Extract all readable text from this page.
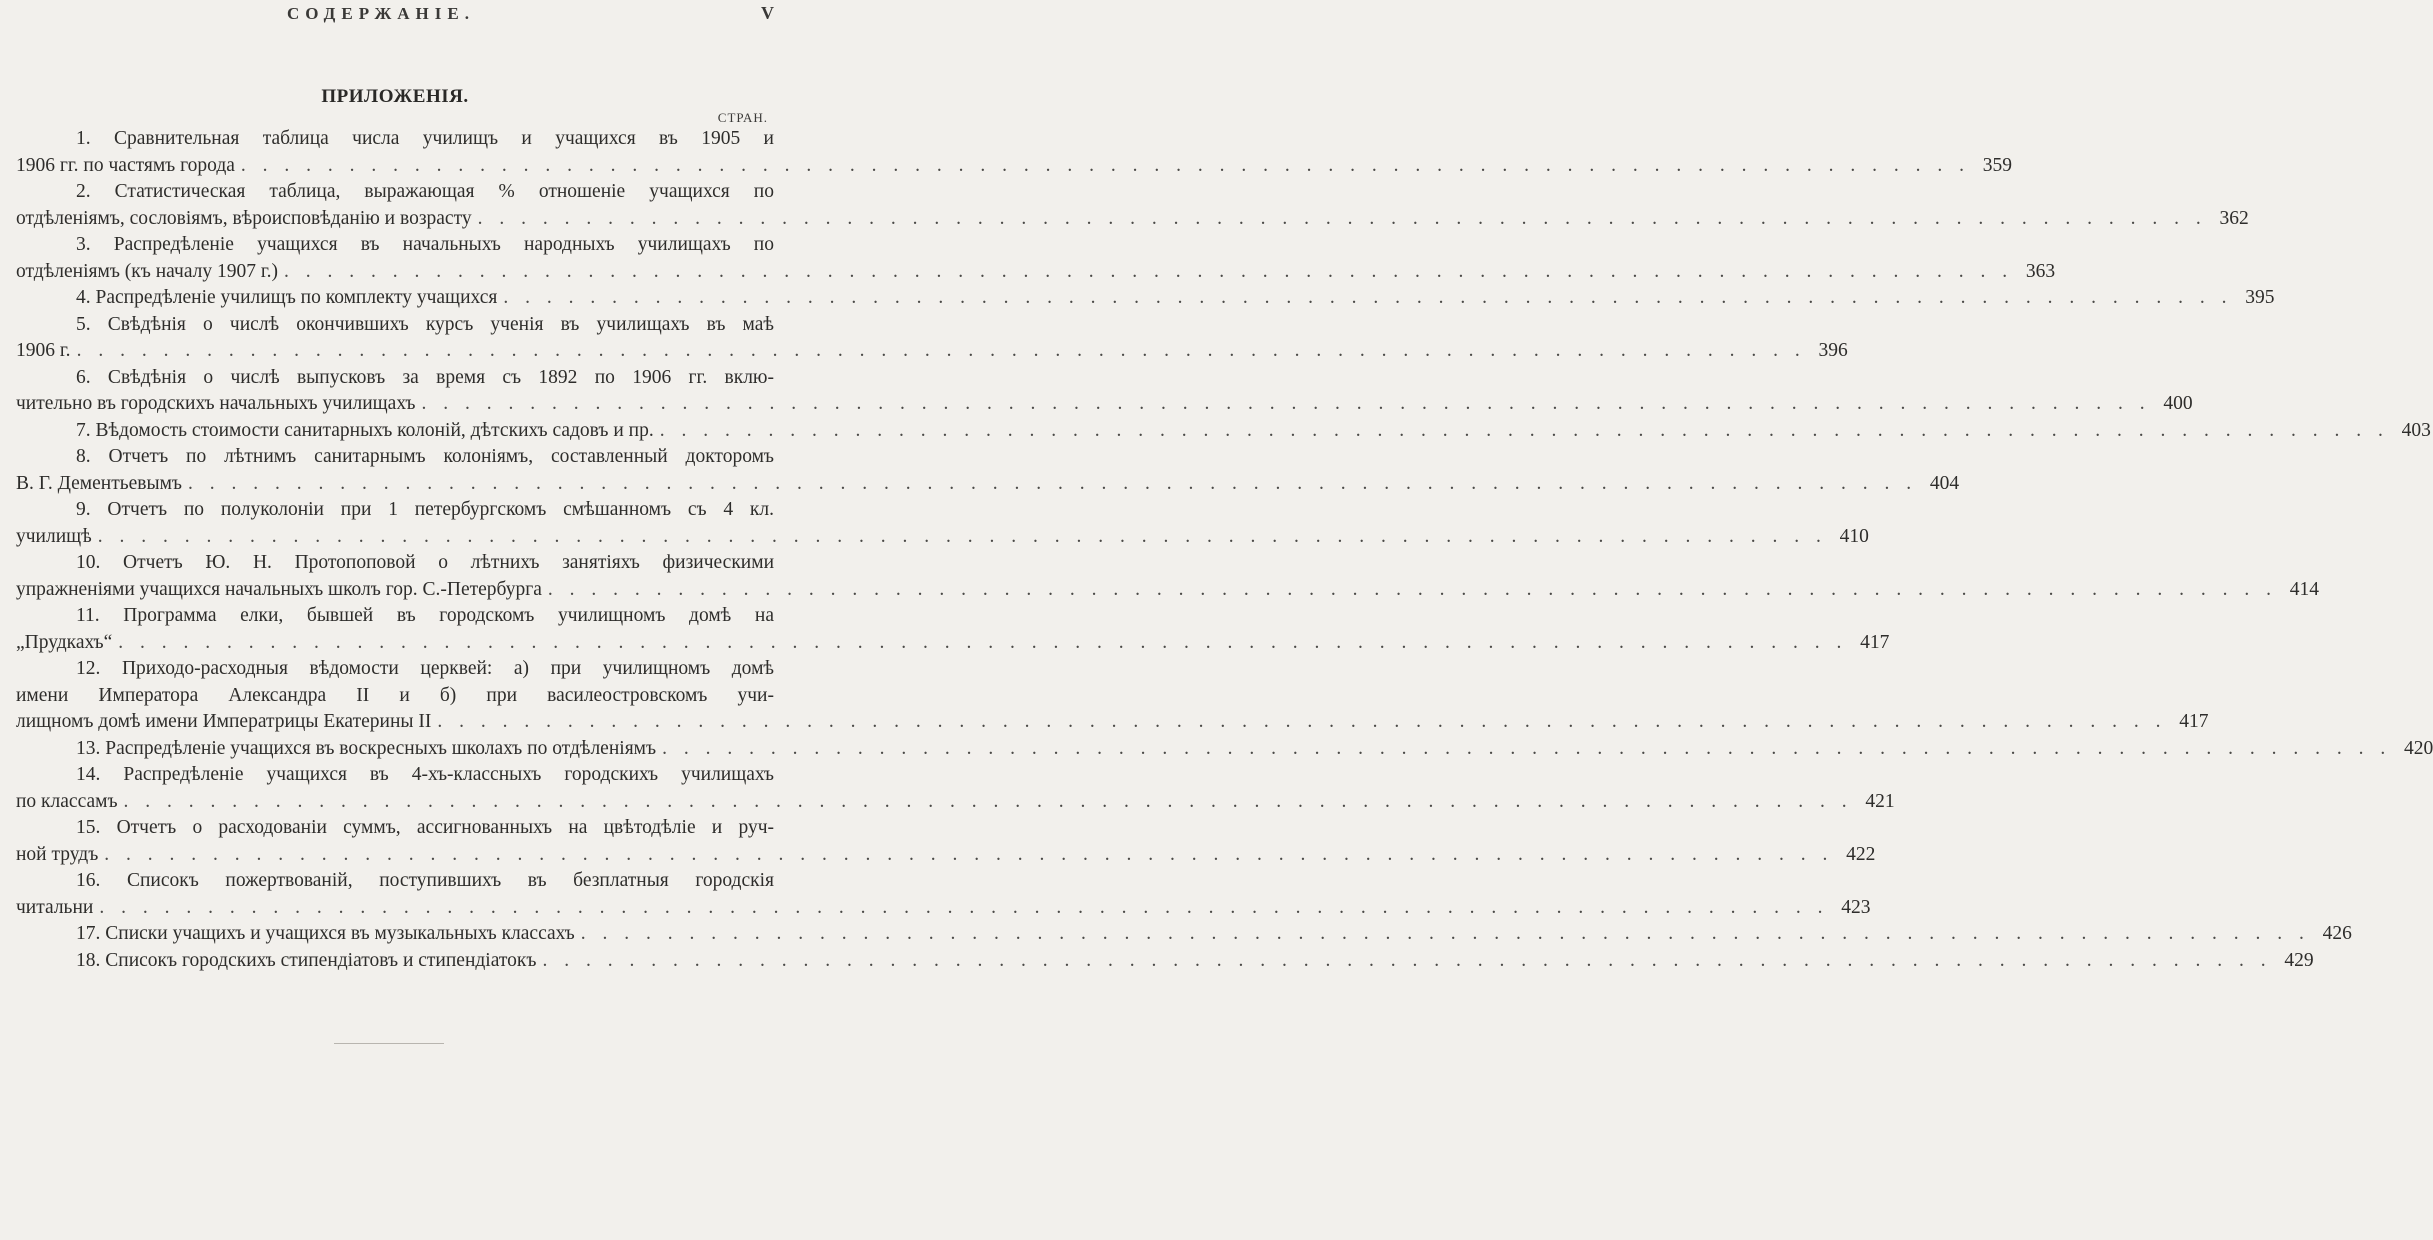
СОДЕРЖАНІЕ.	V
ПРИЛОЖЕНІЯ.
СТРАН.
1. Сравнительная таблица числа училищъ и учащихся въ 1905 и
1906 гг. по частямъ города . . . . . . . . . . . . . . . . . . . . . . . . . . . . . . . . . . . . . . . . . . . . . . . . . . . . . . . . . . . . . . . . . . . . . . . . . . . . . . . . 359
2. Статистическая таблица, выражающая % отношеніе учащихся по
отдѣленіямъ, сословіямъ, вѣроисповѣданію и возрасту . . . . . . . . . . . . . . . . . . . . . . . . . . . . . . . . . . . . . . . . . . . . . . . . . . . . . . . . . . . . . . . . . . . . . . . . . . . . . . . . 362
3. Распредѣленіе учащихся въ начальныхъ народныхъ училищахъ по
отдѣленіямъ (къ началу 1907 г.) . . . . . . . . . . . . . . . . . . . . . . . . . . . . . . . . . . . . . . . . . . . . . . . . . . . . . . . . . . . . . . . . . . . . . . . . . . . . . . . . 363
4. Распредѣленіе училищъ по комплекту учащихся . . . . . . . . . . . . . . . . . . . . . . . . . . . . . . . . . . . . . . . . . . . . . . . . . . . . . . . . . . . . . . . . . . . . . . . . . . . . . . . . 395
5. Свѣдѣнія о числѣ окончившихъ курсъ ученія въ училищахъ въ маѣ
1906 г. . . . . . . . . . . . . . . . . . . . . . . . . . . . . . . . . . . . . . . . . . . . . . . . . . . . . . . . . . . . . . . . . . . . . . . . . . . . . . . . . 396
6. Свѣдѣнія о числѣ выпусковъ за время съ 1892 по 1906 гг. вклю-
чительно въ городскихъ начальныхъ училищахъ . . . . . . . . . . . . . . . . . . . . . . . . . . . . . . . . . . . . . . . . . . . . . . . . . . . . . . . . . . . . . . . . . . . . . . . . . . . . . . . . 400
7. Вѣдомость стоимости санитарныхъ колоній, дѣтскихъ садовъ и пр. . . . . . . . . . . . . . . . . . . . . . . . . . . . . . . . . . . . . . . . . . . . . . . . . . . . . . . . . . . . . . . . . . . . . . . . . . . . . . . . . 403
8. Отчетъ по лѣтнимъ санитарнымъ колоніямъ, составленный докторомъ
В. Г. Дементьевымъ . . . . . . . . . . . . . . . . . . . . . . . . . . . . . . . . . . . . . . . . . . . . . . . . . . . . . . . . . . . . . . . . . . . . . . . . . . . . . . . . 404
9. Отчетъ по полуколоніи при 1 петербургскомъ смѣшанномъ съ 4 кл.
училищѣ . . . . . . . . . . . . . . . . . . . . . . . . . . . . . . . . . . . . . . . . . . . . . . . . . . . . . . . . . . . . . . . . . . . . . . . . . . . . . . . . 410
10. Отчетъ Ю. Н. Протопоповой о лѣтнихъ занятіяхъ физическими
упражненіями учащихся начальныхъ школъ гор. С.-Петербурга . . . . . . . . . . . . . . . . . . . . . . . . . . . . . . . . . . . . . . . . . . . . . . . . . . . . . . . . . . . . . . . . . . . . . . . . . . . . . . . . 414
11. Программа елки, бывшей въ городскомъ училищномъ домѣ на
„Прудкахъ“ . . . . . . . . . . . . . . . . . . . . . . . . . . . . . . . . . . . . . . . . . . . . . . . . . . . . . . . . . . . . . . . . . . . . . . . . . . . . . . . . 417
12. Приходо-расходныя вѣдомости церквей: а) при училищномъ домѣ
имени Императора Александра II и б) при василеостровскомъ учи-
лищномъ домѣ имени Императрицы Екатерины II . . . . . . . . . . . . . . . . . . . . . . . . . . . . . . . . . . . . . . . . . . . . . . . . . . . . . . . . . . . . . . . . . . . . . . . . . . . . . . . . 417
13. Распредѣленіе учащихся въ воскресныхъ школахъ по отдѣленіямъ . . . . . . . . . . . . . . . . . . . . . . . . . . . . . . . . . . . . . . . . . . . . . . . . . . . . . . . . . . . . . . . . . . . . . . . . . . . . . . . . 420
14. Распредѣленіе учащихся въ 4-хъ-классныхъ городскихъ училищахъ
по классамъ . . . . . . . . . . . . . . . . . . . . . . . . . . . . . . . . . . . . . . . . . . . . . . . . . . . . . . . . . . . . . . . . . . . . . . . . . . . . . . . . 421
15. Отчетъ о расходованіи суммъ, ассигнованныхъ на цвѣтодѣліе и руч-
ной трудъ . . . . . . . . . . . . . . . . . . . . . . . . . . . . . . . . . . . . . . . . . . . . . . . . . . . . . . . . . . . . . . . . . . . . . . . . . . . . . . . . 422
16. Списокъ пожертвованій, поступившихъ въ безплатныя городскія
читальни . . . . . . . . . . . . . . . . . . . . . . . . . . . . . . . . . . . . . . . . . . . . . . . . . . . . . . . . . . . . . . . . . . . . . . . . . . . . . . . . 423
17. Списки учащихъ и учащихся въ музыкальныхъ классахъ . . . . . . . . . . . . . . . . . . . . . . . . . . . . . . . . . . . . . . . . . . . . . . . . . . . . . . . . . . . . . . . . . . . . . . . . . . . . . . . . 426
18. Списокъ городскихъ стипендіатовъ и стипендіатокъ . . . . . . . . . . . . . . . . . . . . . . . . . . . . . . . . . . . . . . . . . . . . . . . . . . . . . . . . . . . . . . . . . . . . . . . . . . . . . . . . 429
